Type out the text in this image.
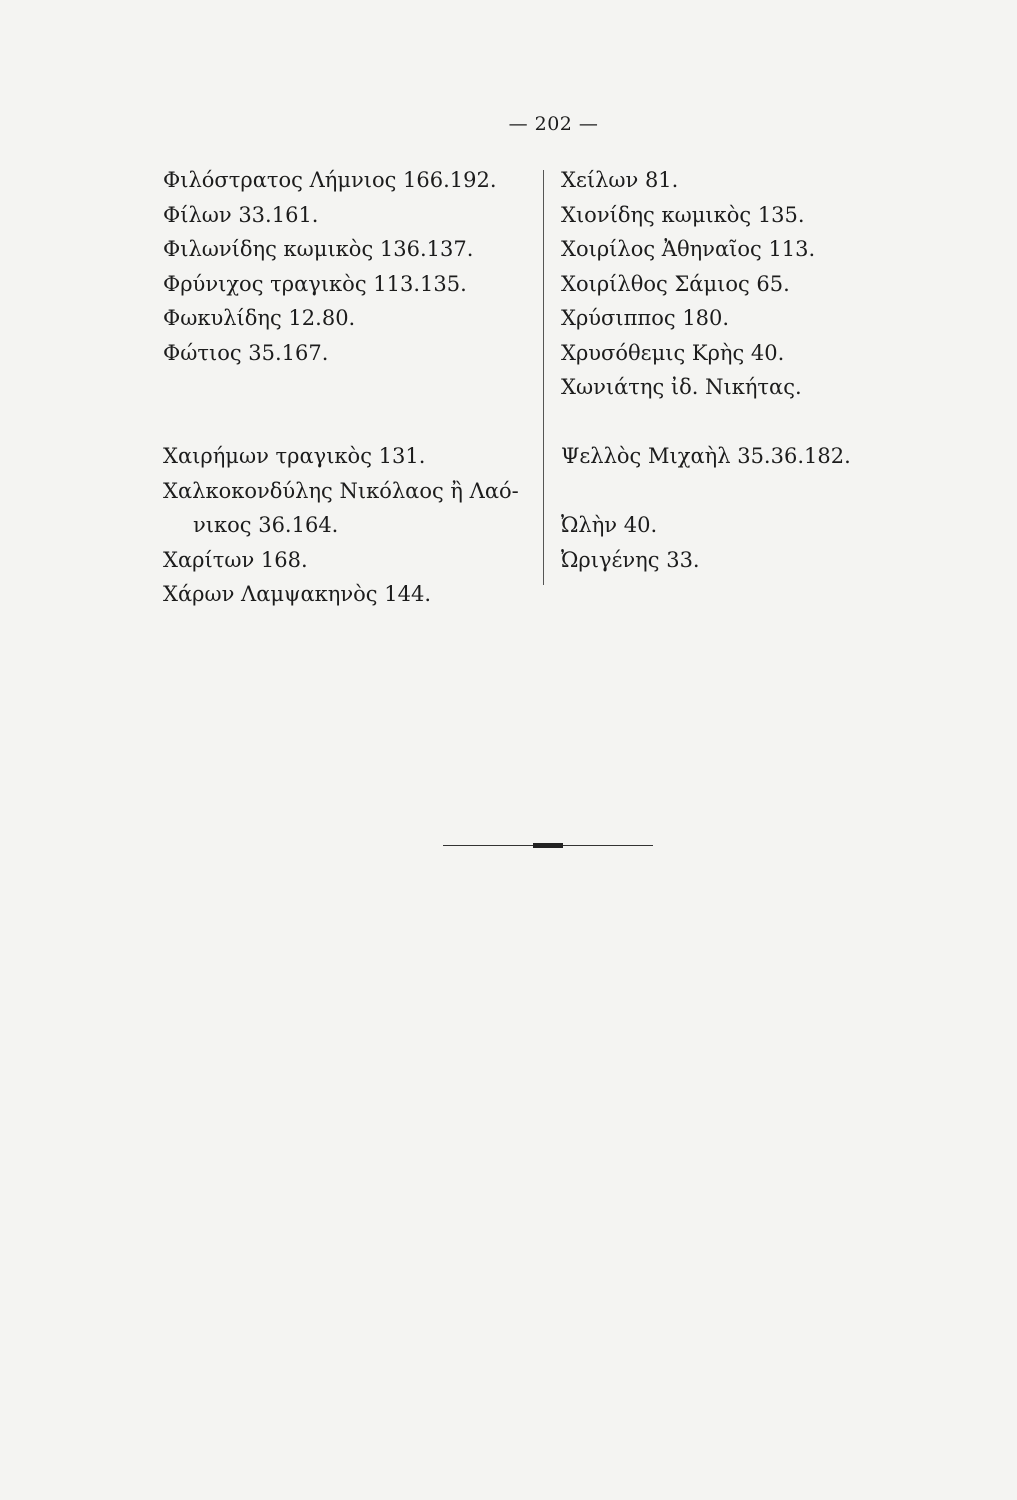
— 202 —
Φιλόστρατος Λήμνιος 166.192.
Φίλων 33.161.
Φιλωνίδης κωμικὸς 136.137.
Φρύνιχος τραγικὸς 113.135.
Φωκυλίδης 12.80.
Φώτιος 35.167.
Χαιρήμων τραγικὸς 131.
Χαλκοκονδύλης Νικόλαος ἢ Λαό-
νικος 36.164.
Χαρίτων 168.
Χάρων Λαμψακηνὸς 144.
Χείλων 81.
Χιονίδης κωμικὸς 135.
Χοιρίλος Ἀθηναῖος 113.
Χοιρίλθος Σάμιος 65.
Χρύσιππος 180.
Χρυσόθεμις Κρὴς 40.
Χωνιάτης ἰδ. Νικήτας.
Ψελλὸς Μιχαὴλ 35.36.182.
Ὠλὴν 40.
Ὠριγένης 33.
